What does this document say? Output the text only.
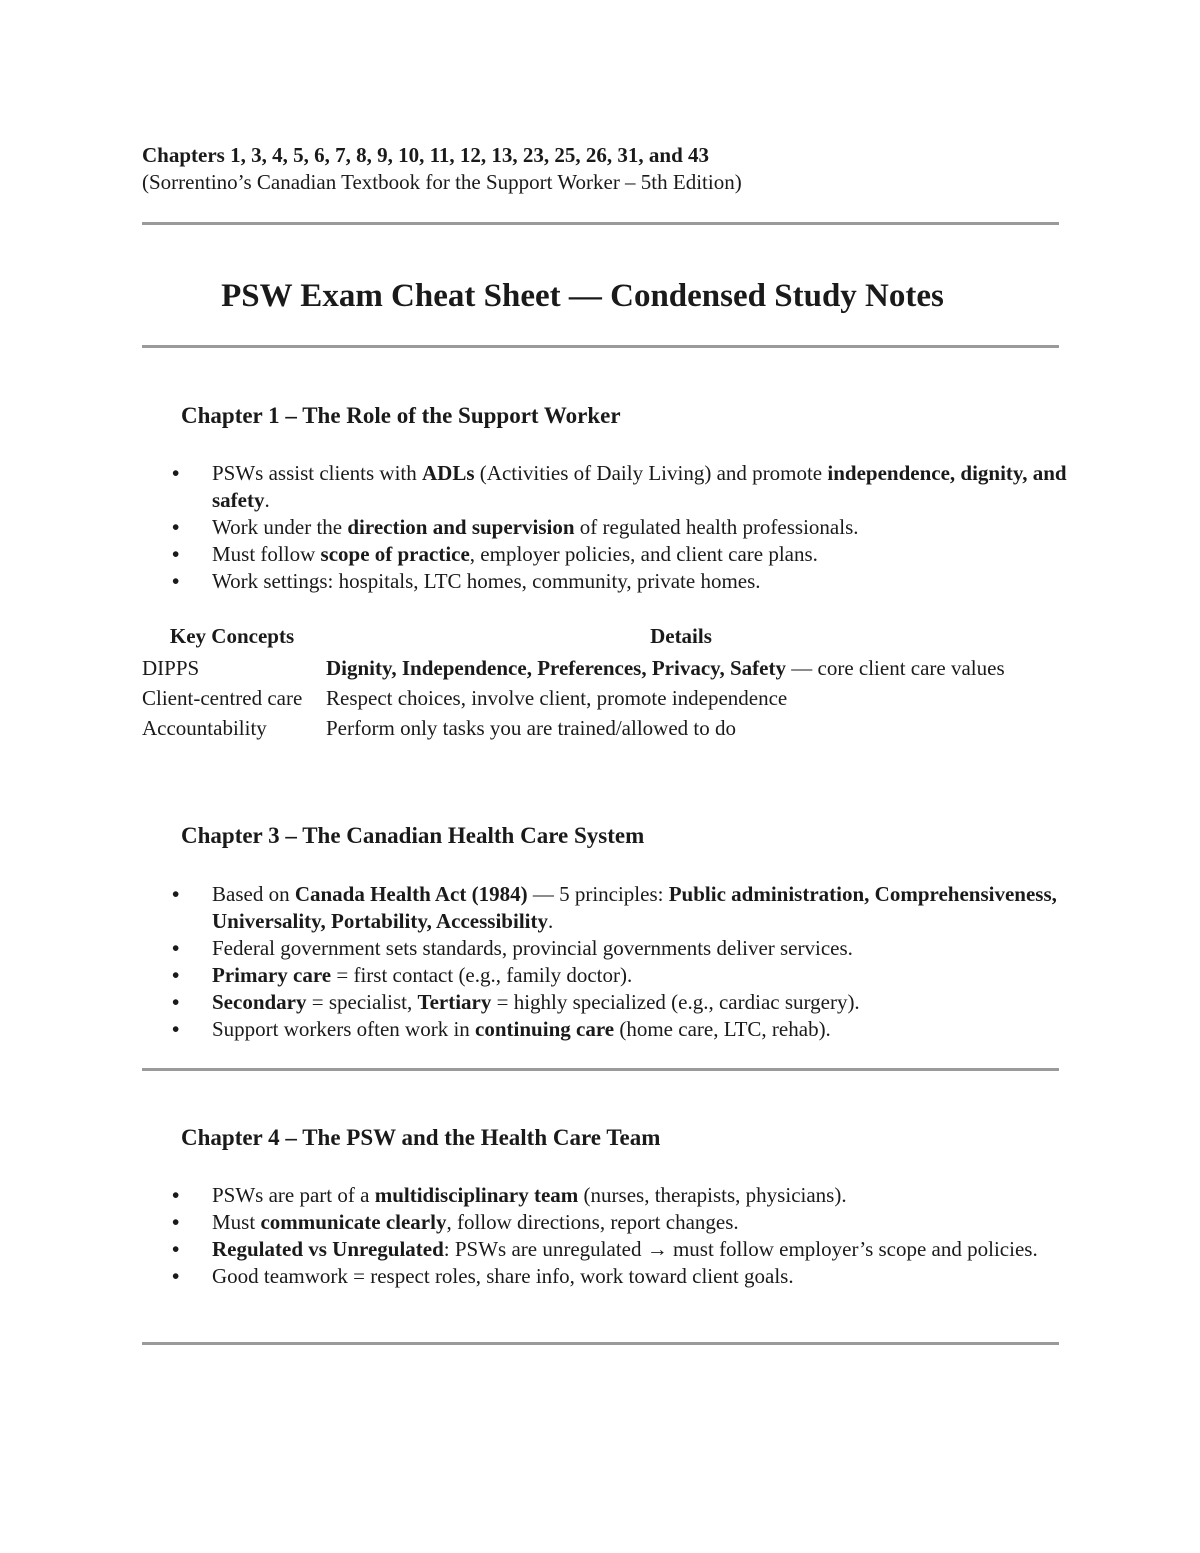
Chapters 1, 3, 4, 5, 6, 7, 8, 9, 10, 11, 12, 13, 23, 25, 26, 31, and 43
(Sorrentino’s Canadian Textbook for the Support Worker – 5th Edition)
PSW Exam Cheat Sheet — Condensed Study Notes
Chapter 1 – The Role of the Support Worker
• PSWs assist clients with ADLs (Activities of Daily Living) and promote independence, dignity, and safety.
• Work under the direction and supervision of regulated health professionals.
• Must follow scope of practice, employer policies, and client care plans.
• Work settings: hospitals, LTC homes, community, private homes.
Key Concepts	Details
DIPPS	Dignity, Independence, Preferences, Privacy, Safety — core client care values
Client-centred care	Respect choices, involve client, promote independence
Accountability	Perform only tasks you are trained/allowed to do
Chapter 3 – The Canadian Health Care System
• Based on Canada Health Act (1984) — 5 principles: Public administration, Comprehensiveness, Universality, Portability, Accessibility.
• Federal government sets standards, provincial governments deliver services.
• Primary care = first contact (e.g., family doctor).
• Secondary = specialist, Tertiary = highly specialized (e.g., cardiac surgery).
• Support workers often work in continuing care (home care, LTC, rehab).
Chapter 4 – The PSW and the Health Care Team
• PSWs are part of a multidisciplinary team (nurses, therapists, physicians).
• Must communicate clearly, follow directions, report changes.
• Regulated vs Unregulated: PSWs are unregulated → must follow employer’s scope and policies.
• Good teamwork = respect roles, share info, work toward client goals.
